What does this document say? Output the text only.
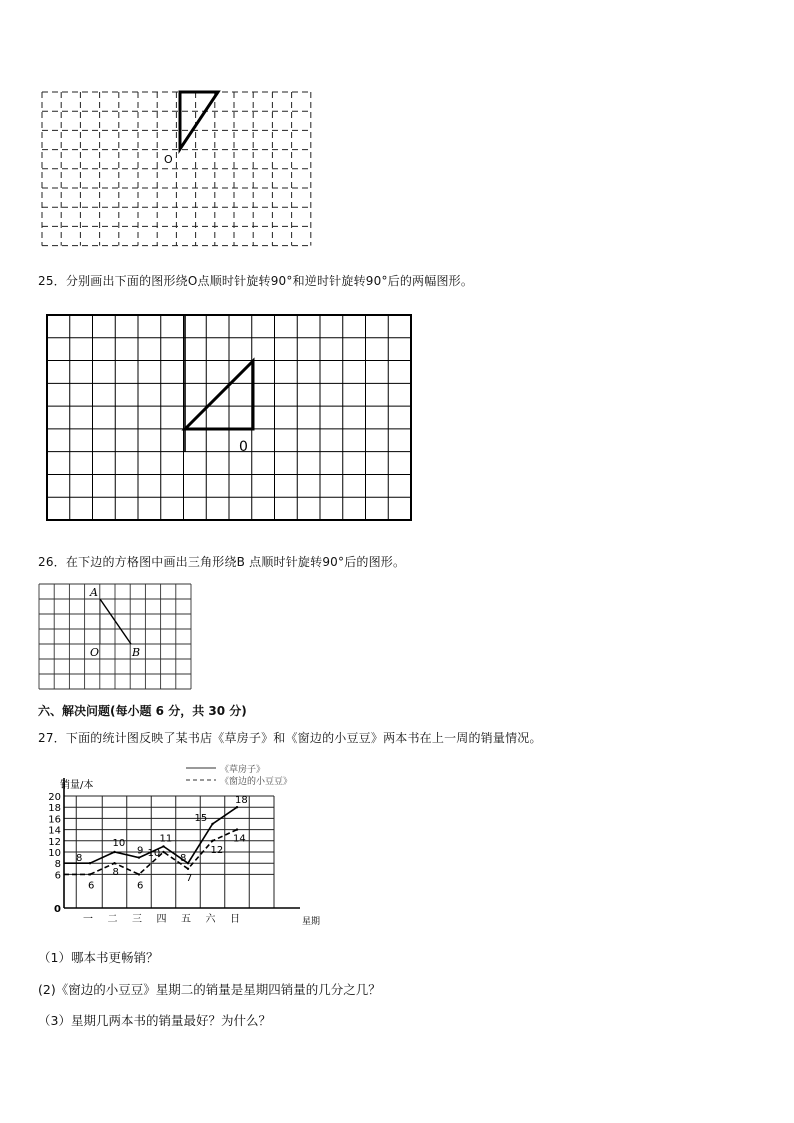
O
25．分别画出下面的图形绕O点顺时针旋转90°和逆时针旋转90°后的两幅图形。
0
26．在下边的方格图中画出三角形绕B 点顺时针旋转90°后的图形。
A
O	B
六、解决问题(每小题 6 分，共 30 分)
27．下面的统计图反映了某书店《草房子》和《窗边的小豆豆》两本书在上一周的销量情况。
销量/本
星期
0
6
8
10
12
14
16
18
20
一 二 三 四 五 六 日
8
10
9
11
8
15
18
6
8
6
10
7
12
14
《草房子》
《窗边的小豆豆》
（1）哪本书更畅销？
(2)《窗边的小豆豆》星期二的销量是星期四销量的几分之几？
（3）星期几两本书的销量最好？为什么？
